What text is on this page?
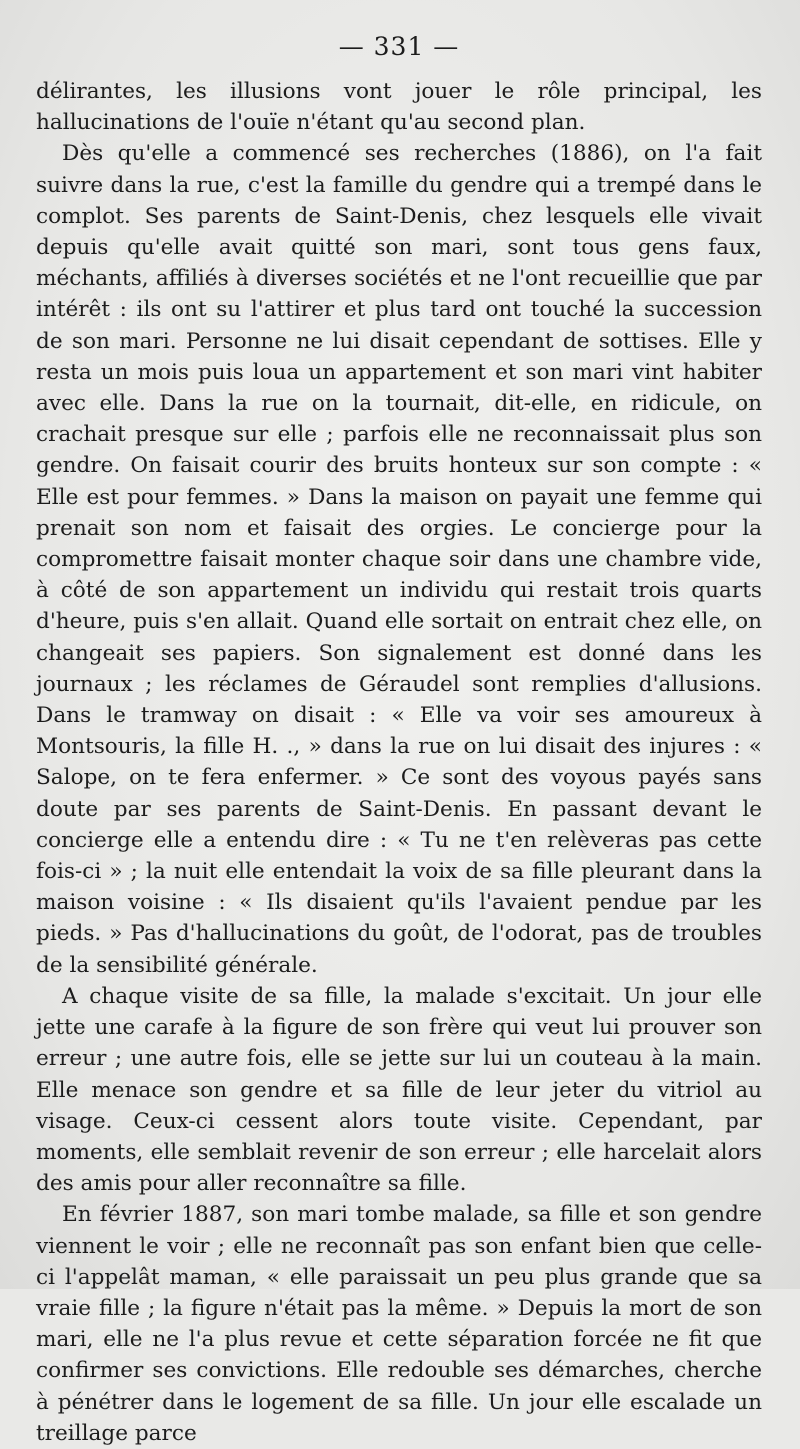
— 331 —

délirantes, les illusions vont jouer le rôle principal, les hallucinations de l'ouïe n'étant qu'au second plan.

Dès qu'elle a commencé ses recherches (1886), on l'a fait suivre dans la rue, c'est la famille du gendre qui a trempé dans le complot. Ses parents de Saint-Denis, chez lesquels elle vivait depuis qu'elle avait quitté son mari, sont tous gens faux, méchants, affiliés à diverses sociétés et ne l'ont recueillie que par intérêt : ils ont su l'attirer et plus tard ont touché la succession de son mari. Personne ne lui disait cependant de sottises. Elle y resta un mois puis loua un appartement et son mari vint habiter avec elle. Dans la rue on la tournait, dit-elle, en ridicule, on crachait presque sur elle ; parfois elle ne reconnaissait plus son gendre. On faisait courir des bruits honteux sur son compte : « Elle est pour femmes. » Dans la maison on payait une femme qui prenait son nom et faisait des orgies. Le concierge pour la compromettre faisait monter chaque soir dans une chambre vide, à côté de son appartement un individu qui restait trois quarts d'heure, puis s'en allait. Quand elle sortait on entrait chez elle, on changeait ses papiers. Son signalement est donné dans les journaux ; les réclames de Géraudel sont remplies d'allusions. Dans le tramway on disait : « Elle va voir ses amoureux à Montsouris, la fille H. ., » dans la rue on lui disait des injures : « Salope, on te fera enfermer. » Ce sont des voyous payés sans doute par ses parents de Saint-Denis. En passant devant le concierge elle a entendu dire : « Tu ne t'en relèveras pas cette fois-ci » ; la nuit elle entendait la voix de sa fille pleurant dans la maison voisine : « Ils disaient qu'ils l'avaient pendue par les pieds. » Pas d'hallucinations du goût, de l'odorat, pas de troubles de la sensibilité générale.

A chaque visite de sa fille, la malade s'excitait. Un jour elle jette une carafe à la figure de son frère qui veut lui prouver son erreur ; une autre fois, elle se jette sur lui un couteau à la main. Elle menace son gendre et sa fille de leur jeter du vitriol au visage. Ceux-ci cessent alors toute visite. Cependant, par moments, elle semblait revenir de son erreur ; elle harcelait alors des amis pour aller reconnaître sa fille.

En février 1887, son mari tombe malade, sa fille et son gendre viennent le voir ; elle ne reconnaît pas son enfant bien que celle-ci l'appelât maman, « elle paraissait un peu plus grande que sa vraie fille ; la figure n'était pas la même. » Depuis la mort de son mari, elle ne l'a plus revue et cette séparation forcée ne fit que confirmer ses convictions. Elle redouble ses démarches, cherche à pénétrer dans le logement de sa fille. Un jour elle escalade un treillage parce
